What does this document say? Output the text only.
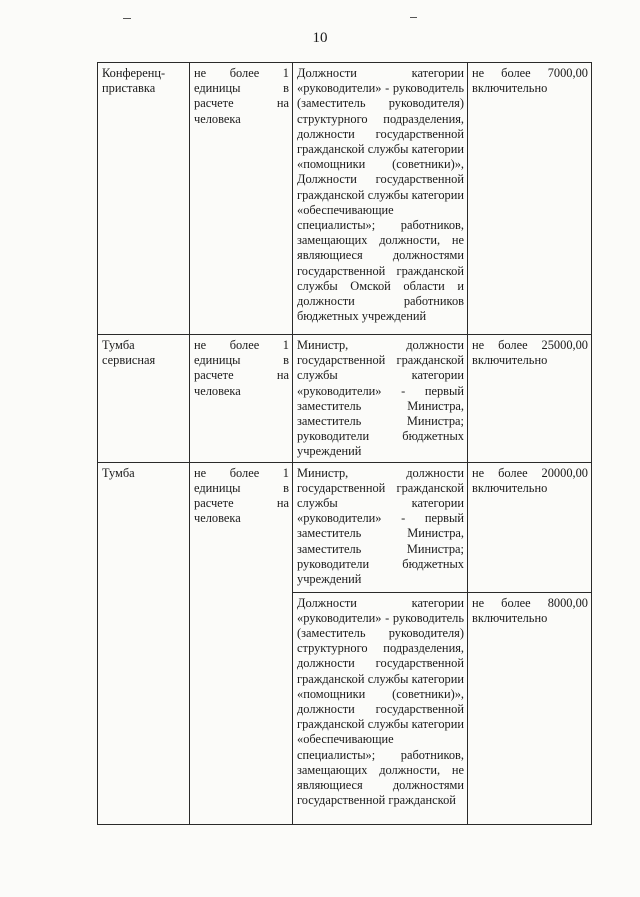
10
Конференц-приставка	не более 1 единицы в расчете на человека	Должности категории «руководители» - руководитель (заместитель руководителя) структурного подразделения, должности государственной гражданской службы категории «помощники (советники)», Должности государственной гражданской службы категории «обеспечивающие специалисты»; работников, замещающих должности, не являющиеся должностями государственной гражданской службы Омской области и должности работников бюджетных учреждений	не более 7000,00 включительно
Тумба сервисная	не более 1 единицы в расчете на человека	Министр, должности государственной гражданской службы категории «руководители» - первый заместитель Министра, заместитель Министра; руководители бюджетных учреждений	не более 25000,00 включительно
Тумба	не более 1 единицы в расчете на человека	Министр, должности государственной гражданской службы категории «руководители» - первый заместитель Министра, заместитель Министра; руководители бюджетных учреждений	не более 20000,00 включительно
		Должности категории «руководители» - руководитель (заместитель руководителя) структурного подразделения, должности государственной гражданской службы категории «помощники (советники)», должности государственной гражданской службы категории «обеспечивающие специалисты»; работников, замещающих должности, не являющиеся должностями государственной гражданской	не более 8000,00 включительно
